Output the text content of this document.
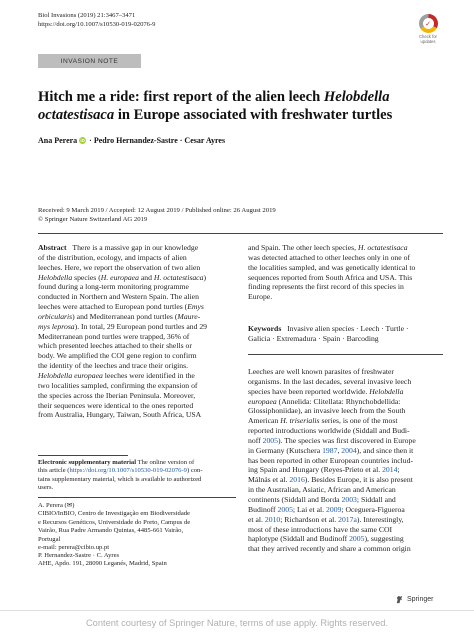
Biol Invasions (2019) 21:3467–3471
https://doi.org/10.1007/s10530-019-02076-9	✓
Check for
updates
INVASION NOTE
Hitch me a ride: first report of the alien leech Helobdella octatestisaca in Europe associated with freshwater turtles
Ana Perera iD · Pedro Hernandez-Sastre · Cesar Ayres
Received: 9 March 2019 / Accepted: 12 August 2019 / Published online: 26 August 2019
© Springer Nature Switzerland AG 2019
Abstract There is a massive gap in our knowledge
of the distribution, ecology, and impacts of alien
leeches. Here, we report the observation of two alien
Helobdella species (H. europaea and H. octatestisaca)
found during a long-term monitoring programme
conducted in Northern and Western Spain. The alien
leeches were attached to European pond turtles (Emys
orbicularis) and Mediterranean pond turtles (Maure-
mys leprosa). In total, 29 European pond turtles and 29
Mediterranean pond turtles were trapped, 36% of
which presented leeches attached to their shells or
body. We amplified the COI gene region to confirm
the identity of the leeches and trace their origins.
Helobdella europaea leeches were identified in the
two localities sampled, confirming the expansion of
the species across the Iberian Peninsula. Moreover,
their sequences were identical to the ones reported
from Australia, Hungary, Taiwan, South Africa, USA
and Spain. The other leech species, H. octatestisaca
was detected attached to other leeches only in one of
the localities sampled, and was genetically identical to
sequences reported from South Africa and USA. This
finding represents the first record of this species in
Europe.
Keywords Invasive alien species · Leech · Turtle ·
Galicia · Extremadura · Spain · Barcoding
Leeches are well known parasites of freshwater
organisms. In the last decades, several invasive leech
species have been reported worldwide. Helobdella
europaea (Annelida: Clitellata: Rhynchobdellida:
Glossiphoniidae), an invasive leech from the South
American H. triserialis series, is one of the most
reported introductions worldwide (Siddall and Budi-
noff 2005). The species was first discovered in Europe
in Germany (Kutschera 1987, 2004), and since then it
has been reported in other European countries includ-
ing Spain and Hungary (Reyes-Prieto et al. 2014;
Málnás et al. 2016). Besides Europe, it is also present
in the Australian, Asiatic, African and American
continents (Siddall and Borda 2003; Siddall and
Budinoff 2005; Lai et al. 2009; Oceguera-Figueroa
et al. 2010; Richardson et al. 2017a). Interestingly,
most of these introductions have the same COI
haplotype (Siddall and Budinoff 2005), suggesting
that they arrived recently and share a common origin
Electronic supplementary material The online version of
this article (https://doi.org/10.1007/s10530-019-02076-9) con-
tains supplementary material, which is available to authorized
users.
A. Perera (✉)
CIBIO/InBIO, Centro de Investigação em Biodiversidade
e Recursos Genéticos, Universidade do Porto, Campus de
Vairão, Rua Padre Armando Quintas, 4485-661 Vairão,
Portugal
e-mail: perera@cibio.up.pt
P. Hernandez-Sastre · C. Ayres
AHE, Apdo. 191, 28090 Leganés, Madrid, Spain
Springer
Content courtesy of Springer Nature, terms of use apply. Rights reserved.
